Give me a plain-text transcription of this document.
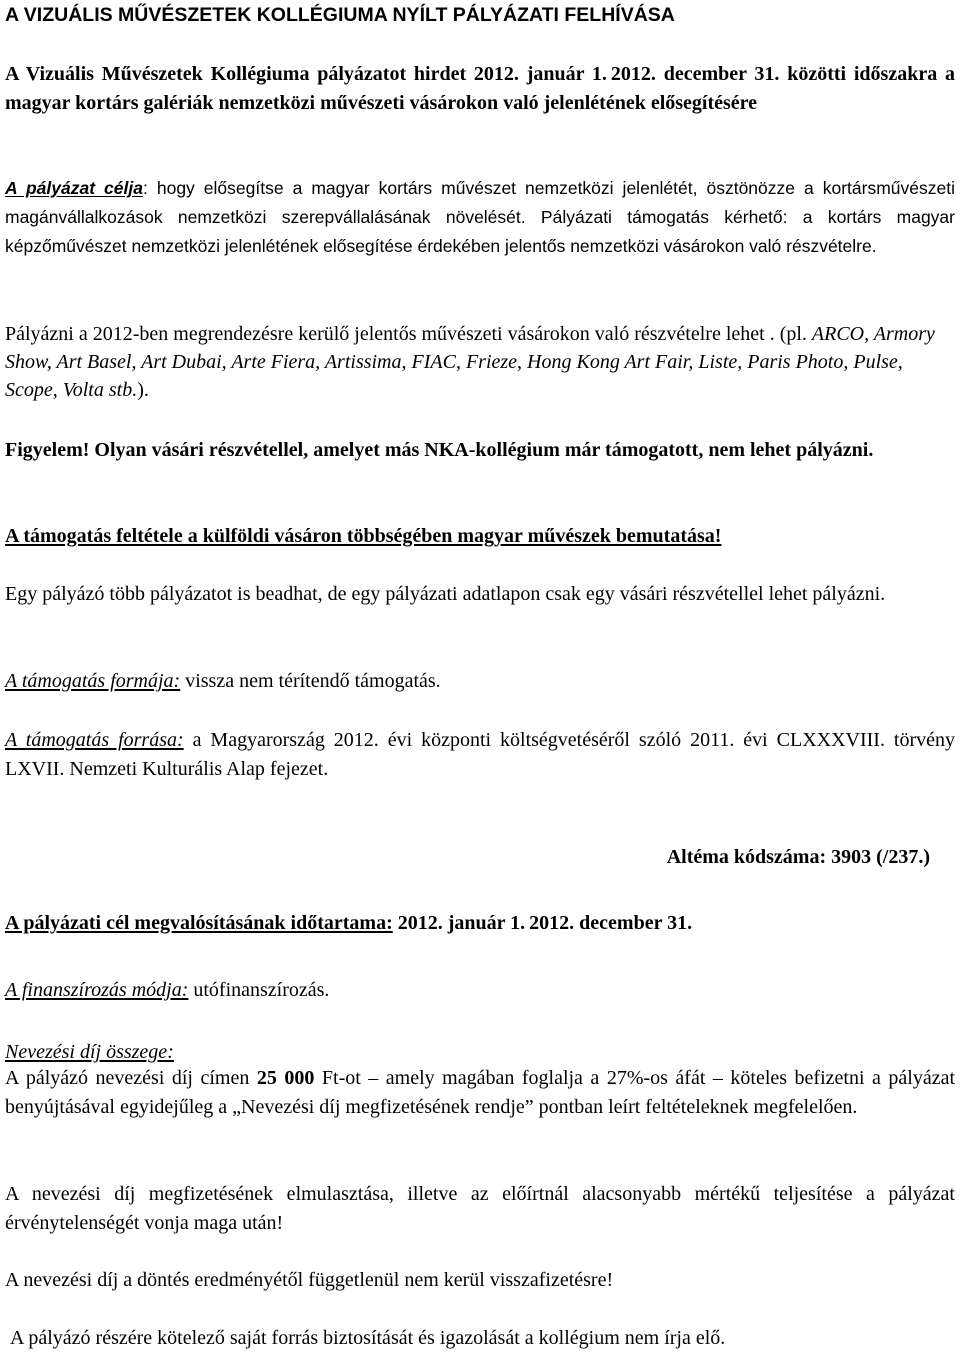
A VIZUÁLIS MŰVÉSZETEK KOLLÉGIUMA NYÍLT PÁLYÁZATI FELHÍVÁSA

A Vizuális Művészetek Kollégiuma pályázatot hirdet 2012. január 1. 2012. december 31. közötti időszakra a magyar kortárs galériák nemzetközi művészeti vásárokon való jelenlétének elősegítésére

A pályázat célja: hogy elősegítse a magyar kortárs művészet nemzetközi jelenlétét, ösztönözze a kortársművészeti magánvállalkozások nemzetközi szerepvállalásának növelését. Pályázati támogatás kérhető: a kortárs magyar képzőművészet nemzetközi jelenlétének elősegítése érdekében jelentős nemzetközi vásárokon való részvételre.

Pályázni a 2012-ben megrendezésre kerülő jelentős művészeti vásárokon való részvételre lehet . (pl. ARCO, Armory Show, Art Basel, Art Dubai, Arte Fiera, Artissima, FIAC, Frieze, Hong Kong Art Fair, Liste, Paris Photo, Pulse, Scope, Volta stb.).

Figyelem! Olyan vásári részvétellel, amelyet más NKA-kollégium már támogatott, nem lehet pályázni.

A támogatás feltétele a külföldi vásáron többségében magyar művészek bemutatása!

Egy pályázó több pályázatot is beadhat, de egy pályázati adatlapon csak egy vásári részvétellel lehet pályázni.

A támogatás formája: vissza nem térítendő támogatás.

A támogatás forrása: a Magyarország 2012. évi központi költségvetéséről szóló 2011. évi CLXXXVIII. törvény LXVII. Nemzeti Kulturális Alap fejezet.

Altéma kódszáma: 3903 (/237.)

A pályázati cél megvalósításának időtartama: 2012. január 1. 2012. december 31.

A finanszírozás módja: utófinanszírozás.

Nevezési díj összege:

A pályázó nevezési díj címen 25 000 Ft-ot – amely magában foglalja a 27%-os áfát – köteles befizetni a pályázat benyújtásával egyidejűleg a „Nevezési díj megfizetésének rendje” pontban leírt feltételeknek megfelelően.

A nevezési díj megfizetésének elmulasztása, illetve az előírtnál alacsonyabb mértékű teljesítése a pályázat érvénytelenségét vonja maga után!

A nevezési díj a döntés eredményétől függetlenül nem kerül visszafizetésre!

A pályázó részére kötelező saját forrás biztosítását és igazolását a kollégium nem írja elő.
